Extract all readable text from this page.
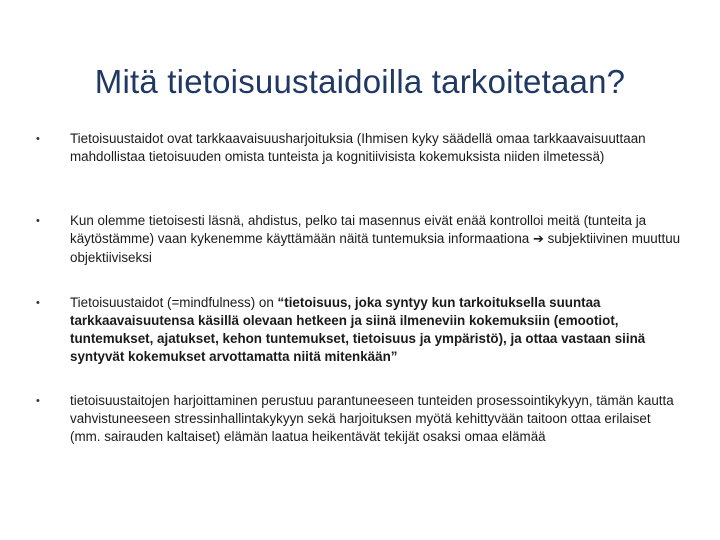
Mitä tietoisuustaidoilla tarkoitetaan?
• Tietoisuustaidot ovat tarkkaavaisuusharjoituksia (Ihmisen kyky säädellä omaa tarkkaavaisuuttaan mahdollistaa tietoisuuden omista tunteista ja kognitiivisista kokemuksista niiden ilmetessä)
• Kun olemme tietoisesti läsnä, ahdistus, pelko tai masennus eivät enää kontrolloi meitä (tunteita ja käytöstämme) vaan kykenemme käyttämään näitä tuntemuksia informaationa ➔ subjektiivinen muuttuu objektiiviseksi
• Tietoisuustaidot (=mindfulness) on “tietoisuus, joka syntyy kun tarkoituksella suuntaa tarkkaavaisuutensa käsillä olevaan hetkeen ja siinä ilmeneviin kokemuksiin (emootiot, tuntemukset, ajatukset, kehon tuntemukset, tietoisuus ja ympäristö), ja ottaa vastaan siinä syntyvät kokemukset arvottamatta niitä mitenkään”
• tietoisuustaitojen harjoittaminen perustuu parantuneeseen tunteiden prosessointikykyyn, tämän kautta vahvistuneeseen stressinhallintakykyyn sekä harjoituksen myötä kehittyvään taitoon ottaa erilaiset (mm. sairauden kaltaiset) elämän laatua heikentävät tekijät osaksi omaa elämää
